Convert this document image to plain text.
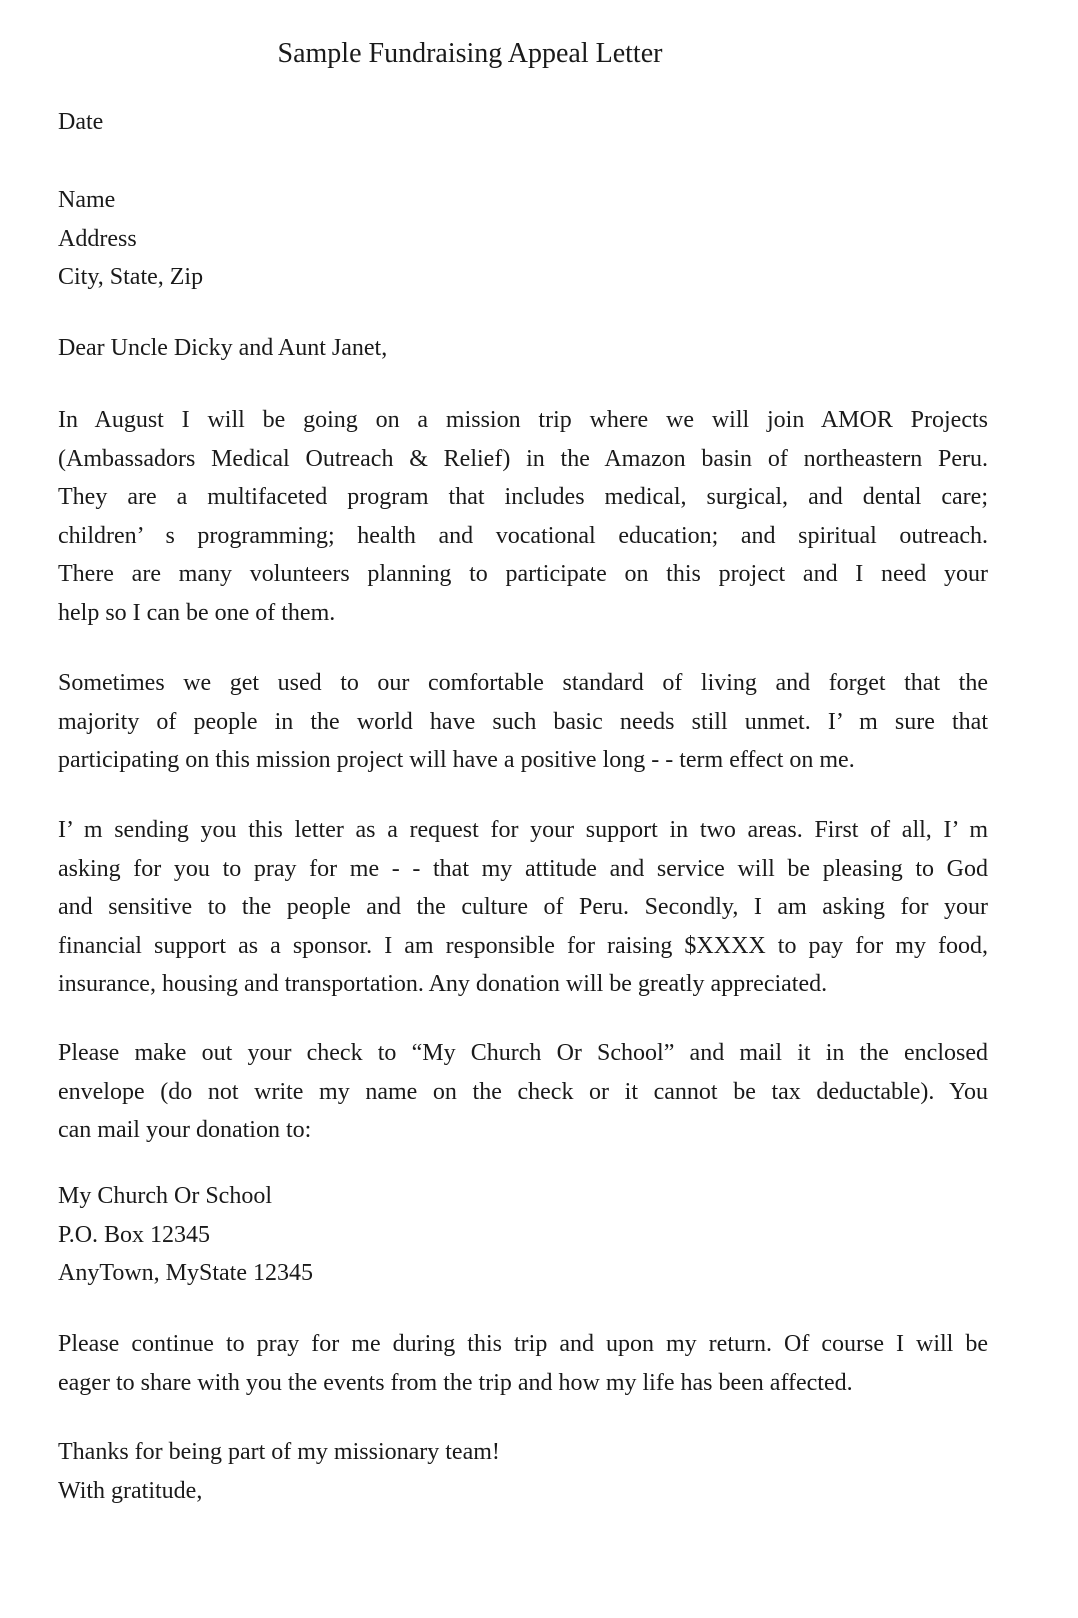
Sample Fundraising Appeal Letter

Date

Name
Address
City, State, Zip

Dear Uncle Dicky and Aunt Janet,

In August I will be going on a mission trip where we will join AMOR Projects
(Ambassadors Medical Outreach & Relief) in the Amazon basin of northeastern Peru.
They are a multifaceted program that includes medical, surgical, and dental care;
children’ s programming; health and vocational education; and spiritual outreach.
There are many volunteers planning to participate on this project and I need your
help so I can be one of them.

Sometimes we get used to our comfortable standard of living and forget that the
majority of people in the world have such basic needs still unmet. I’ m sure that
participating on this mission project will have a positive long - - term effect on me.

I’ m sending you this letter as a request for your support in two areas. First of all, I’ m
asking for you to pray for me - - that my attitude and service will be pleasing to God
and sensitive to the people and the culture of Peru. Secondly, I am asking for your
financial support as a sponsor. I am responsible for raising $XXXX to pay for my food,
insurance, housing and transportation. Any donation will be greatly appreciated.

Please make out your check to “My Church Or School” and mail it in the enclosed
envelope (do not write my name on the check or it cannot be tax deductable). You
can mail your donation to:

My Church Or School
P.O. Box 12345
AnyTown, MyState 12345

Please continue to pray for me during this trip and upon my return. Of course I will be
eager to share with you the events from the trip and how my life has been affected.

Thanks for being part of my missionary team!
With gratitude,
